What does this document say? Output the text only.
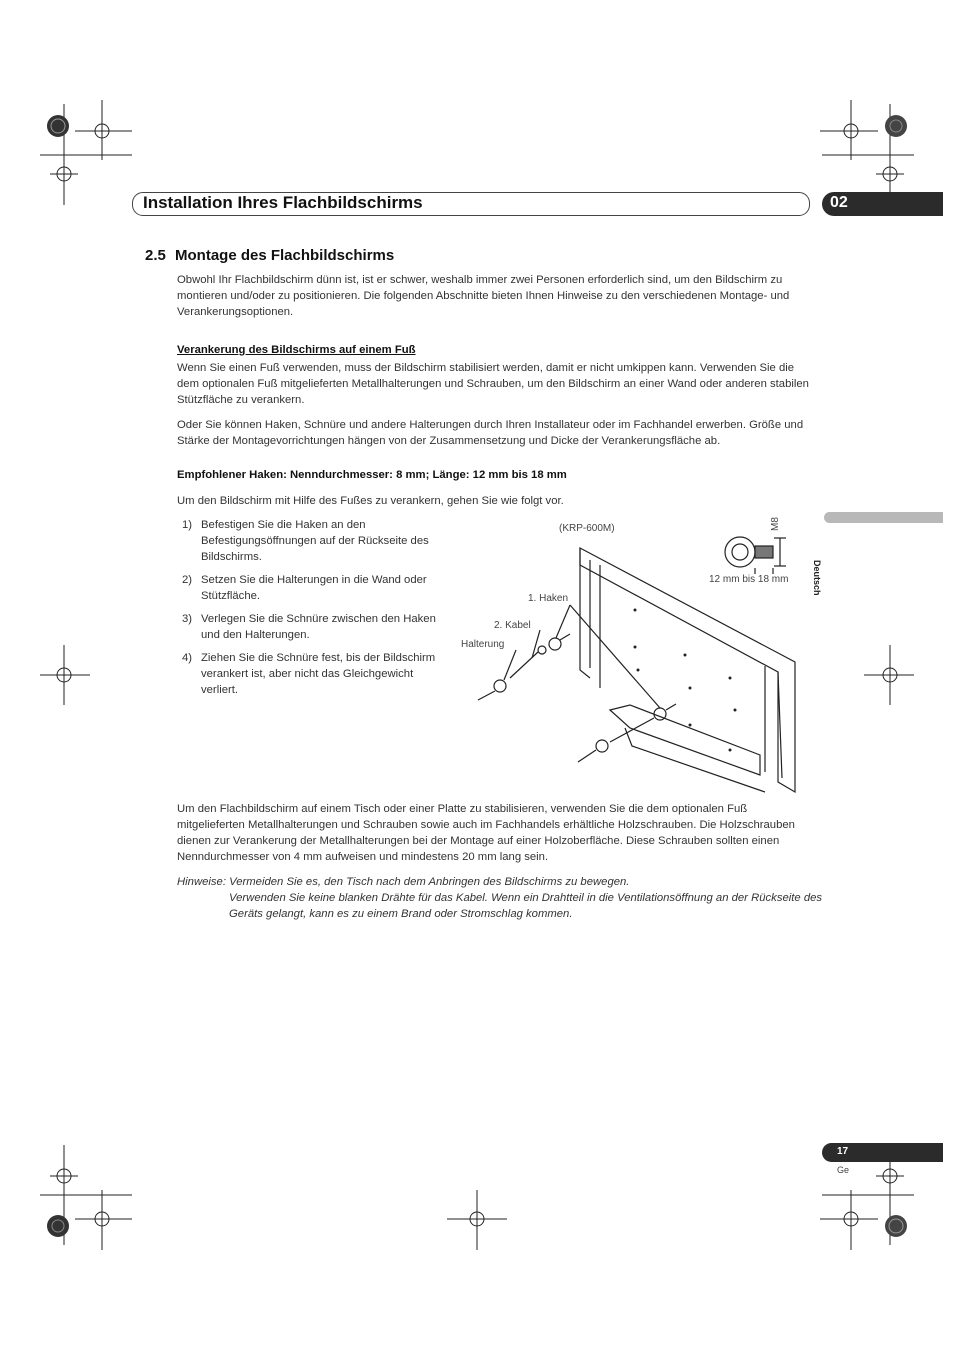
Installation Ihres Flachbildschirms	02
Deutsch
2.5 Montage des Flachbildschirms
Obwohl Ihr Flachbildschirm dünn ist, ist er schwer, weshalb immer zwei Personen erforderlich sind, um den Bildschirm zu montieren und/oder zu positionieren. Die folgenden Abschnitte bieten Ihnen Hinweise zu den verschiedenen Montage- und Verankerungsoptionen.
Verankerung des Bildschirms auf einem Fuß
Wenn Sie einen Fuß verwenden, muss der Bildschirm stabilisiert werden, damit er nicht umkippen kann. Verwenden Sie die dem optionalen Fuß mitgelieferten Metallhalterungen und Schrauben, um den Bildschirm an einer Wand oder anderen stabilen Stützfläche zu verankern.
Oder Sie können Haken, Schnüre und andere Halterungen durch Ihren Installateur oder im Fachhandel erwerben. Größe und Stärke der Montagevorrichtungen hängen von der Zusammensetzung und Dicke der Verankerungsfläche ab.
Empfohlener Haken: Nenndurchmesser: 8 mm; Länge: 12 mm bis 18 mm
Um den Bildschirm mit Hilfe des Fußes zu verankern, gehen Sie wie folgt vor.
1) Befestigen Sie die Haken an den Befestigungsöffnungen auf der Rückseite des Bildschirms.
2) Setzen Sie die Halterungen in die Wand oder Stützfläche.
3) Verlegen Sie die Schnüre zwischen den Haken und den Halterungen.
4) Ziehen Sie die Schnüre fest, bis der Bildschirm verankert ist, aber nicht das Gleichgewicht verliert.
(KRP-600M)	M8
12 mm bis 18 mm
1. Haken
2. Kabel
Halterung
Um den Flachbildschirm auf einem Tisch oder einer Platte zu stabilisieren, verwenden Sie die dem optionalen Fuß mitgelieferten Metallhalterungen und Schrauben sowie auch im Fachhandels erhältliche Holzschrauben. Die Holzschrauben dienen zur Verankerung der Metallhalterungen bei der Montage auf einer Holzoberfläche. Diese Schrauben sollten einen Nenndurchmesser von 4 mm aufweisen und mindestens 20 mm lang sein.
Hinweise: Vermeiden Sie es, den Tisch nach dem Anbringen des Bildschirms zu bewegen.
Verwenden Sie keine blanken Drähte für das Kabel. Wenn ein Drahtteil in die Ventilationsöffnung an der Rückseite des Geräts gelangt, kann es zu einem Brand oder Stromschlag kommen.
17
Ge
